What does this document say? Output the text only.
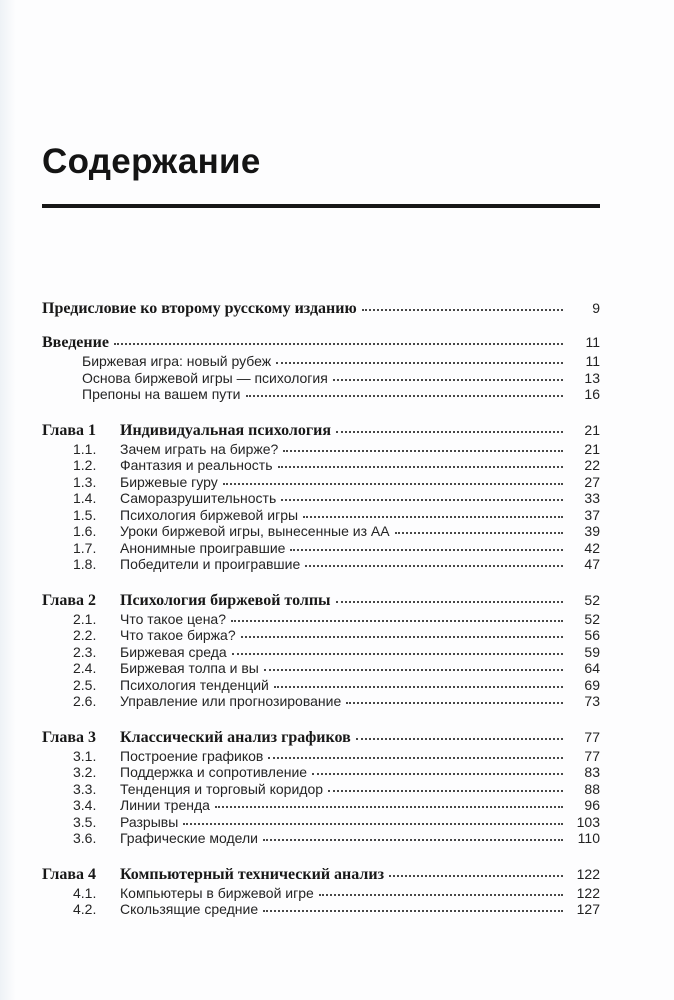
Содержание
Предисловие ко второму русскому изданию	9
Введение	11
Биржевая игра: новый рубеж	11
Основа биржевой игры — психология	13
Препоны на вашем пути	16
Глава 1	Индивидуальная психология	21
1.1.	Зачем играть на бирже?	21
1.2.	Фантазия и реальность	22
1.3.	Биржевые гуру	27
1.4.	Саморазрушительность	33
1.5.	Психология биржевой игры	37
1.6.	Уроки биржевой игры, вынесенные из АА	39
1.7.	Анонимные проигравшие	42
1.8.	Победители и проигравшие	47
Глава 2	Психология биржевой толпы	52
2.1.	Что такое цена?	52
2.2.	Что такое биржа?	56
2.3.	Биржевая среда	59
2.4.	Биржевая толпа и вы	64
2.5.	Психология тенденций	69
2.6.	Управление или прогнозирование	73
Глава 3	Классический анализ графиков	77
3.1.	Построение графиков	77
3.2.	Поддержка и сопротивление	83
3.3.	Тенденция и торговый коридор	88
3.4.	Линии тренда	96
3.5.	Разрывы	103
3.6.	Графические модели	110
Глава 4	Компьютерный технический анализ	122
4.1.	Компьютеры в биржевой игре	122
4.2.	Скользящие средние	127
